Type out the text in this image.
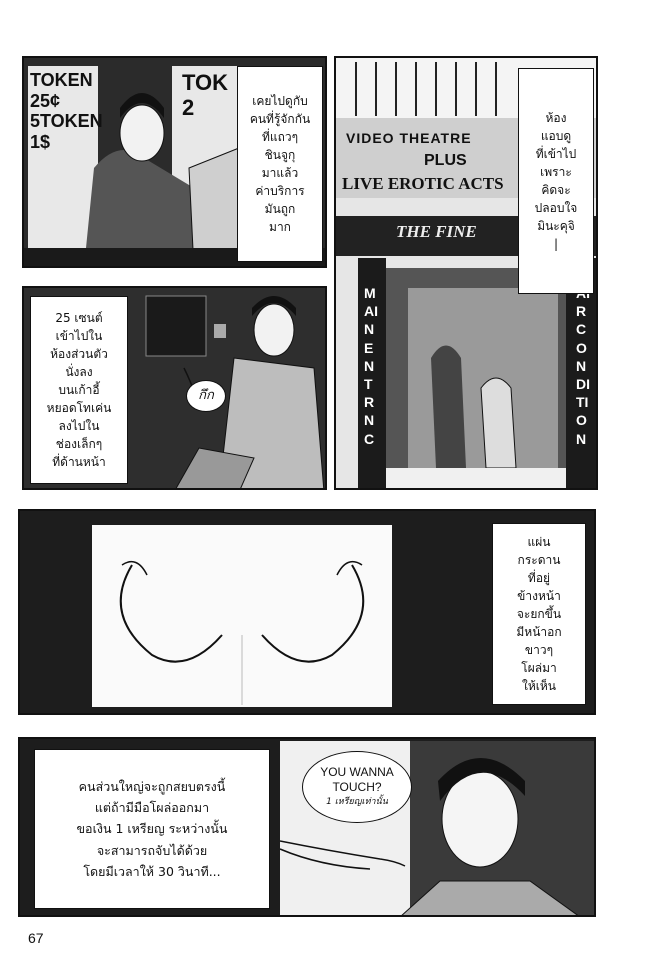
TOKEN
25¢
5TOKEN
1$
TOK
2	เคยไปดูกับ
คนที่รู้จักกัน
ที่แถวๆ
ชินจูกุ
มาแล้ว
ค่าบริการ
มันถูก
มาก
VIDEO THEATRE
PLUS
LIVE EROTIC ACTS
THE FINE
MAIN ENTRNC
R CONDITION
ห้อง
แอบดู
ที่เข้าไป
เพราะ
คิดจะ
ปลอบใจ
มินะคุจิ
|
25 เซนต์
เข้าไปใน
ห้องส่วนตัว
นั่งลง
บนเก้าอี้
หยอดโทเค่น
ลงไปใน
ช่องเล็กๆ
ที่ด้านหน้า
กึก
แผ่น
กระดาน
ที่อยู่
ข้างหน้า
จะยกขึ้น
มีหน้าอก
ขาวๆ
โผล่มา
ให้เห็น
คนส่วนใหญ่จะถูกสยบตรงนี้
แต่ถ้ามีมือโผล่ออกมา
ขอเงิน 1 เหรียญ ระหว่างนั้น
จะสามารถจับได้ด้วย
โดยมีเวลาให้ 30 วินาที...
YOU WANNA
TOUCH?
1 เหรียญเท่านั้น
67
